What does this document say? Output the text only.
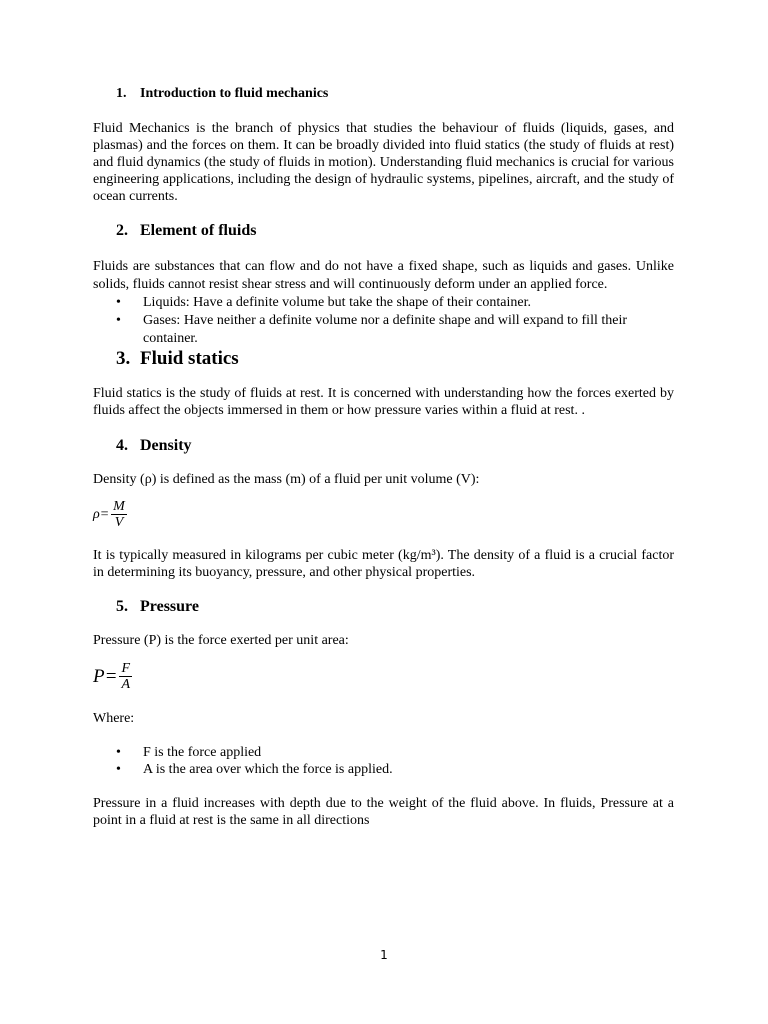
1. Introduction to fluid mechanics

Fluid Mechanics is the branch of physics that studies the behaviour of fluids (liquids, gases, and plasmas) and the forces on them. It can be broadly divided into fluid statics (the study of fluids at rest) and fluid dynamics (the study of fluids in motion). Understanding fluid mechanics is crucial for various engineering applications, including the design of hydraulic systems, pipelines, aircraft, and the study of ocean currents.

2. Element of fluids

Fluids are substances that can flow and do not have a fixed shape, such as liquids and gases. Unlike solids, fluids cannot resist shear stress and will continuously deform under an applied force.

• Liquids: Have a definite volume but take the shape of their container.
• Gases: Have neither a definite volume nor a definite shape and will expand to fill their container.
3. Fluid statics

Fluid statics is the study of fluids at rest. It is concerned with understanding how the forces exerted by fluids affect the objects immersed in them or how pressure varies within a fluid at rest. .

4. Density

Density (ρ) is defined as the mass (m) of a fluid per unit volume (V):

$\rho= \frac{M}{V}$

It is typically measured in kilograms per cubic meter (kg/m³). The density of a fluid is a crucial factor in determining its buoyancy, pressure, and other physical properties.

5. Pressure

Pressure (P) is the force exerted per unit area:

$P= \frac{F}{A}$

Where:

• F is the force applied
• A is the area over which the force is applied.

Pressure in a fluid increases with depth due to the weight of the fluid above. In fluids, Pressure at a point in a fluid at rest is the same in all directions

1
